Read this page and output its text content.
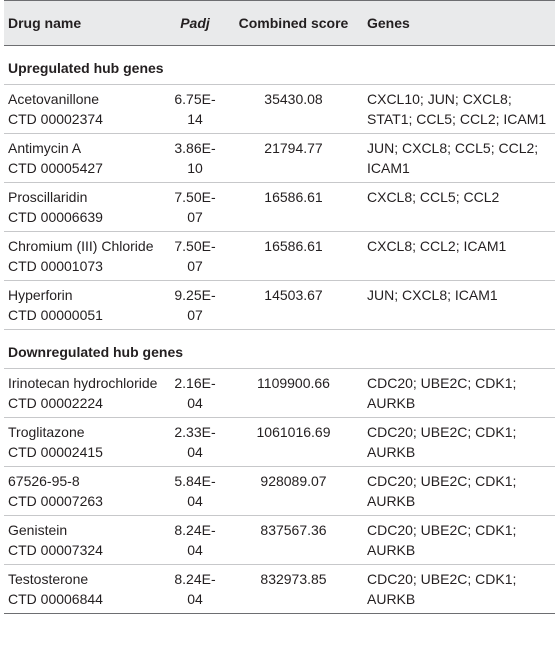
Drug name	Padj	Combined score	Genes
Upregulated hub genes			

Acetovanillone
CTD 00002374	6.75E-14	35430.08	CXCL10; JUN; CXCL8; STAT1; CCL5; CCL2; ICAM1

Antimycin A
CTD 00005427	3.86E-10	21794.77	JUN; CXCL8; CCL5; CCL2; ICAM1

Proscillaridin
CTD 00006639	7.50E-07	16586.61	CXCL8; CCL5; CCL2

Chromium (III) Chloride
CTD 00001073	7.50E-07	16586.61	CXCL8; CCL2; ICAM1

Hyperforin
CTD 00000051	9.25E-07	14503.67	JUN; CXCL8; ICAM1
Downregulated hub genes			

Irinotecan hydrochloride
CTD 00002224	2.16E-04	1109900.66	CDC20; UBE2C; CDK1; AURKB

Troglitazone
CTD 00002415	2.33E-04	1061016.69	CDC20; UBE2C; CDK1; AURKB

67526-95-8
CTD 00007263	5.84E-04	928089.07	CDC20; UBE2C; CDK1; AURKB

Genistein
CTD 00007324	8.24E-04	837567.36	CDC20; UBE2C; CDK1; AURKB

Testosterone
CTD 00006844	8.24E-04	832973.85	CDC20; UBE2C; CDK1; AURKB
